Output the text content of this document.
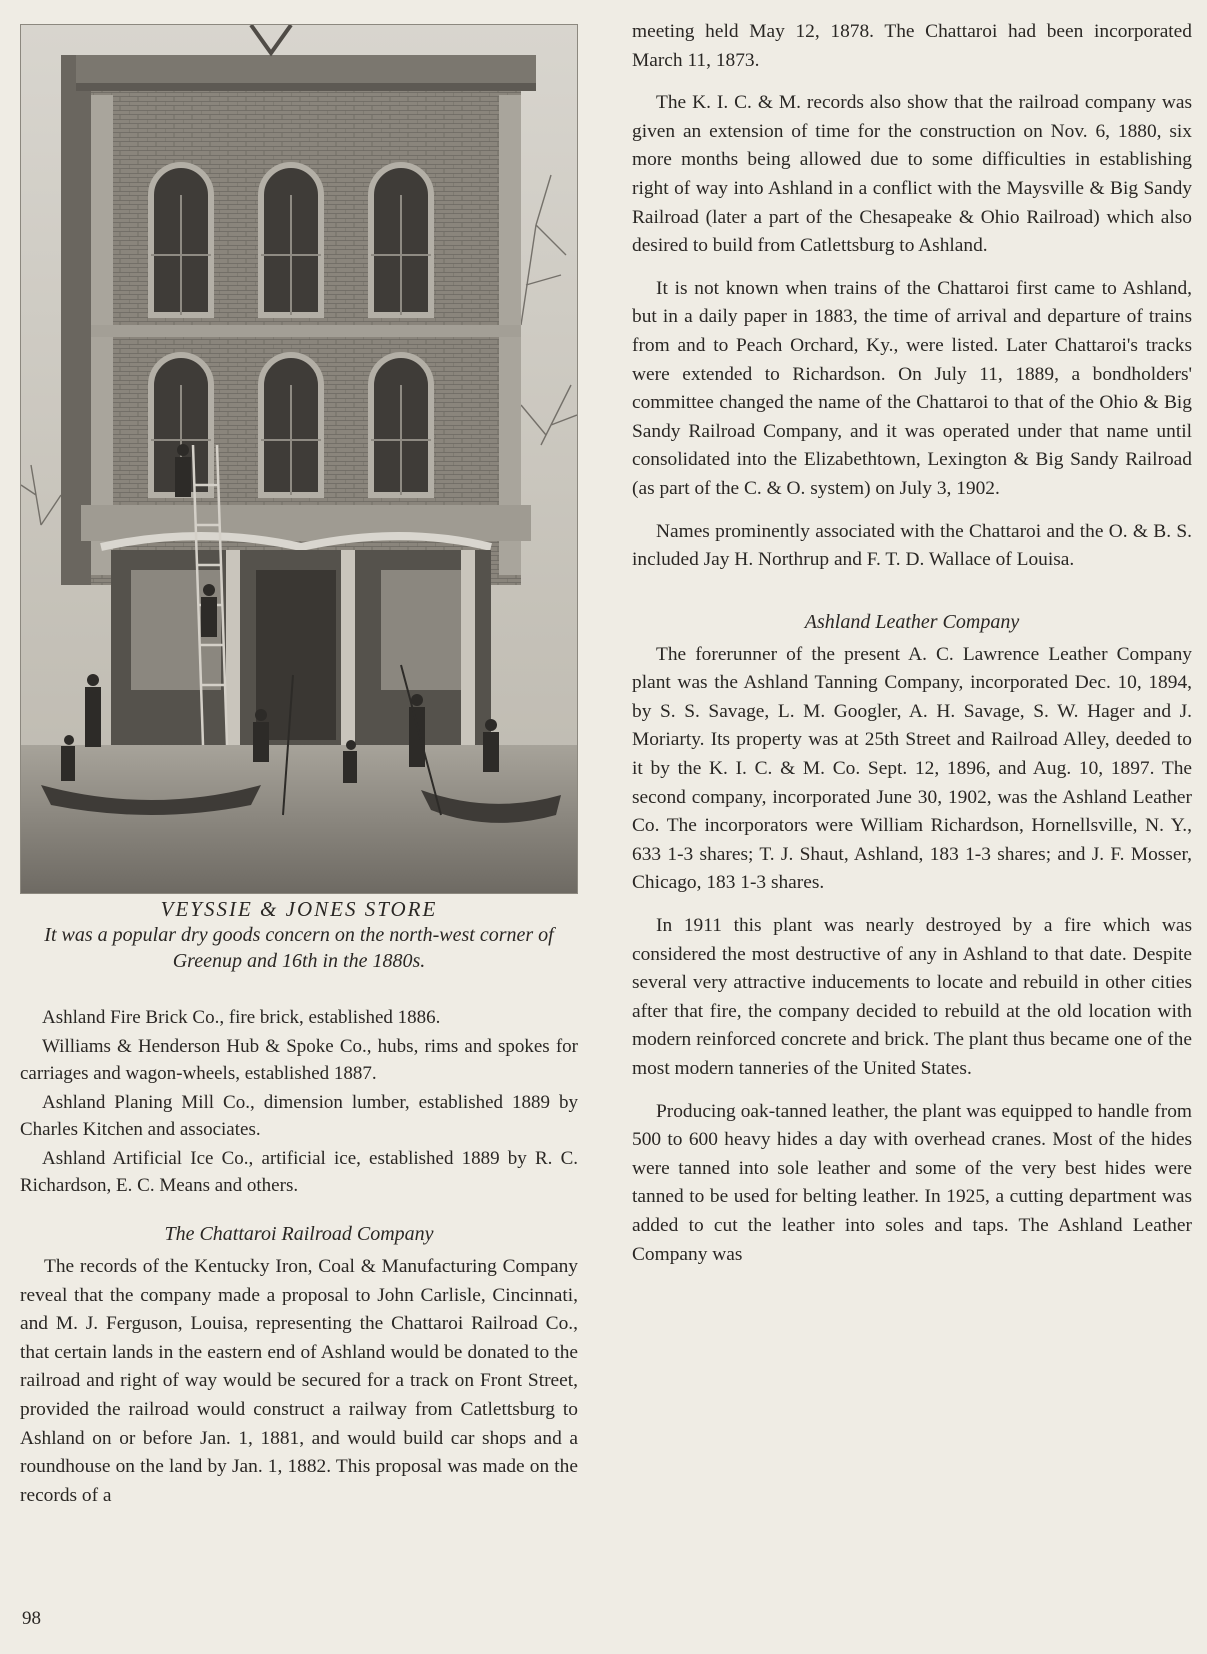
VEYSSIE & JONES STORE
It was a popular dry goods concern on the north-west corner of Greenup and 16th in the 1880s.

Ashland Fire Brick Co., fire brick, established 1886.

Williams & Henderson Hub & Spoke Co., hubs, rims and spokes for carriages and wagon-wheels, established 1887.

Ashland Planing Mill Co., dimension lumber, established 1889 by Charles Kitchen and associates.

Ashland Artificial Ice Co., artificial ice, established 1889 by R. C. Richardson, E. C. Means and others.

The Chattaroi Railroad Company

The records of the Kentucky Iron, Coal & Manufacturing Company reveal that the company made a proposal to John Carlisle, Cincinnati, and M. J. Ferguson, Louisa, representing the Chattaroi Railroad Co., that certain lands in the eastern end of Ashland would be donated to the railroad and right of way would be secured for a track on Front Street, provided the railroad would construct a railway from Catlettsburg to Ashland on or before Jan. 1, 1881, and would build car shops and a roundhouse on the land by Jan. 1, 1882. This proposal was made on the records of a

meeting held May 12, 1878. The Chattaroi had been incorporated March 11, 1873.

The K. I. C. & M. records also show that the railroad company was given an extension of time for the construction on Nov. 6, 1880, six more months being allowed due to some difficulties in establishing right of way into Ashland in a conflict with the Maysville & Big Sandy Railroad (later a part of the Chesapeake & Ohio Railroad) which also desired to build from Catlettsburg to Ashland.

It is not known when trains of the Chattaroi first came to Ashland, but in a daily paper in 1883, the time of arrival and departure of trains from and to Peach Orchard, Ky., were listed. Later Chattaroi's tracks were extended to Richardson. On July 11, 1889, a bondholders' committee changed the name of the Chattaroi to that of the Ohio & Big Sandy Railroad Company, and it was operated under that name until consolidated into the Elizabethtown, Lexington & Big Sandy Railroad (as part of the C. & O. system) on July 3, 1902.

Names prominently associated with the Chattaroi and the O. & B. S. included Jay H. Northrup and F. T. D. Wallace of Louisa.

Ashland Leather Company

The forerunner of the present A. C. Lawrence Leather Company plant was the Ashland Tanning Company, incorporated Dec. 10, 1894, by S. S. Savage, L. M. Googler, A. H. Savage, S. W. Hager and J. Moriarty. Its property was at 25th Street and Railroad Alley, deeded to it by the K. I. C. & M. Co. Sept. 12, 1896, and Aug. 10, 1897. The second company, incorporated June 30, 1902, was the Ashland Leather Co. The incorporators were William Richardson, Hornellsville, N. Y., 633 1-3 shares; T. J. Shaut, Ashland, 183 1-3 shares; and J. F. Mosser, Chicago, 183 1-3 shares.

In 1911 this plant was nearly destroyed by a fire which was considered the most destructive of any in Ashland to that date. Despite several very attractive inducements to locate and rebuild in other cities after that fire, the company decided to rebuild at the old location with modern reinforced concrete and brick. The plant thus became one of the most modern tanneries of the United States.

Producing oak-tanned leather, the plant was equipped to handle from 500 to 600 heavy hides a day with overhead cranes. Most of the hides were tanned into sole leather and some of the very best hides were tanned to be used for belting leather. In 1925, a cutting department was added to cut the leather into soles and taps. The Ashland Leather Company was

98
